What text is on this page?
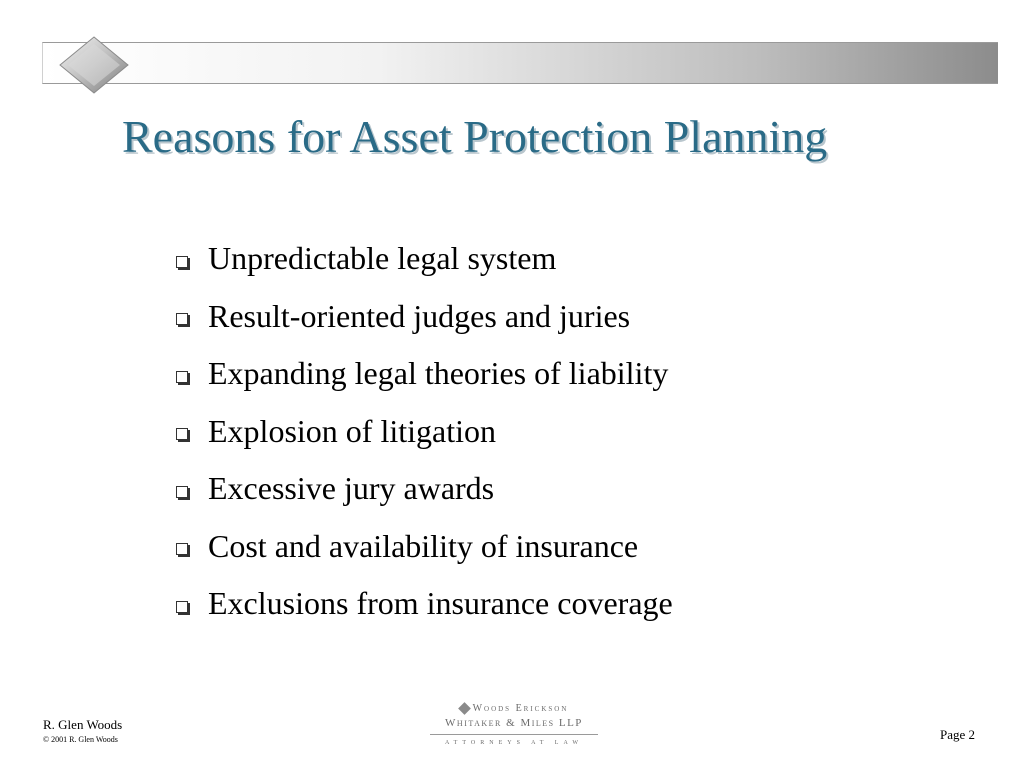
Reasons for Asset Protection Planning
Unpredictable legal system
Result-oriented judges and juries
Expanding legal theories of liability
Explosion of litigation
Excessive jury awards
Cost and availability of insurance
Exclusions from insurance coverage
R. Glen Woods
© 2001 R. Glen Woods
Woods Erickson
Whitaker & Miles LLP
ATTORNEYS AT LAW
Page 2
